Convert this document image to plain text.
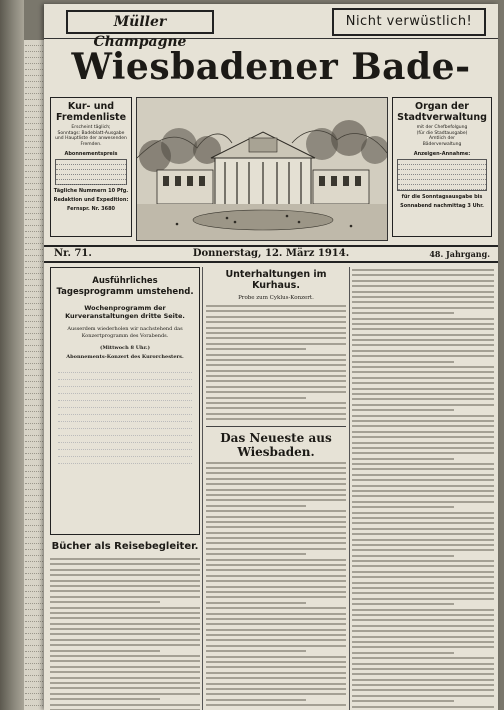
Müller Champagne
Nicht verwüstlich!
Wiesbadener Bade-
Kur- und Fremdenliste
Erscheint täglich;
Sonntags: Badeblatt-Ausgabe
und Hauptliste der anwesenden
Fremden.
Abonnementspreis
Tägliche Nummern 10 Pfg.
Redaktion und Expedition:
Fernspr. Nr. 3680
Organ der Stadtverwaltung
mit der Chefbefolgung
(für die Stadtausgabe)
Amtlich der
Bäderverwaltung
Anzeigen-Annahme:
für die Sonntagsausgabe bis
Sonnabend nachmittag 3 Uhr.
Nr. 71.	Donnerstag, 12. März 1914.	48. Jahrgang.
Ausführliches Tagesprogramm umstehend.
Wochenprogramm der Kurveranstaltungen dritte Seite.
Ausserdem wiederholen wir nachstehend das Konzertprogramm des Vorabends.
(Mittwoch 8 Uhr.)
Abonnements-Konzert des Kurorchesters.
Bücher als Reisebegleiter.
Unterhaltungen im Kurhaus.
Probe zum Cyklus-Konzert.
Das Neueste aus Wiesbaden.
